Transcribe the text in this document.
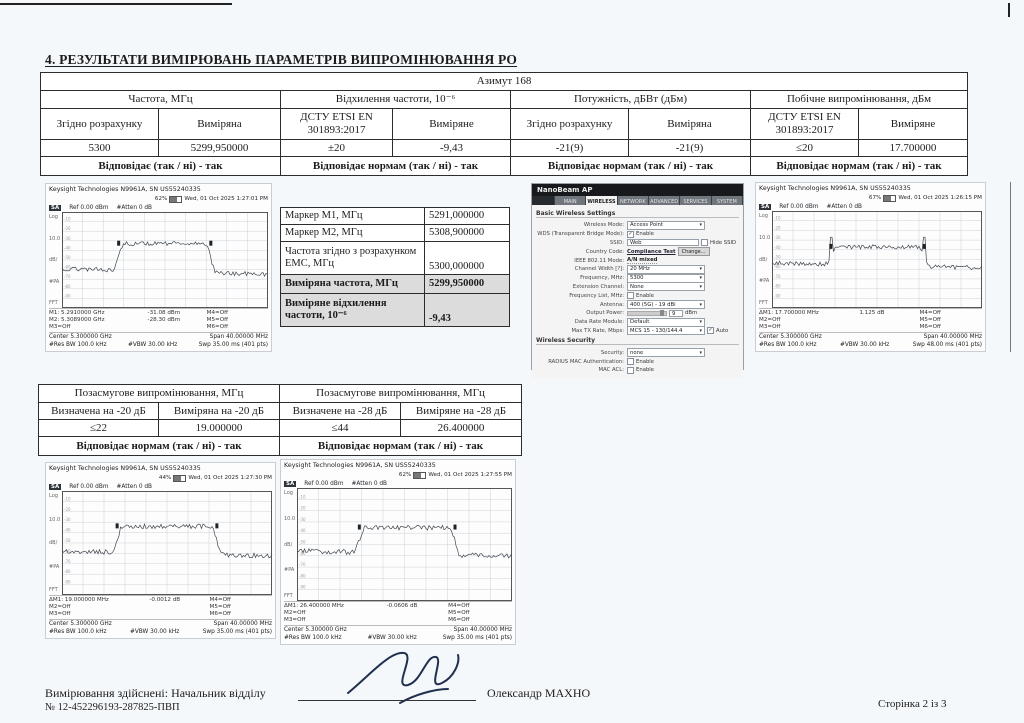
4. РЕЗУЛЬТАТИ ВИМІРЮВАНЬ ПАРАМЕТРІВ ВИПРОМІНЮВАННЯ РО
Азимут 168							
Частота, МГц		Відхилення частоти, 10⁻⁶		Потужність, дБВт (дБм)		Побічне випромінювання, дБм	
Згідно розрахунку	Виміряна	ДСТУ ETSI EN 301893:2017	Виміряне	Згідно розрахунку	Виміряна	ДСТУ ETSI EN 301893:2017	Виміряне
5300	5299,950000	±20	-9,43	-21(9)	-21(9)	≤20	17.700000
Відповідає (так / ні) - так		Відповідає нормам (так / ні) - так		Відповідає нормам (так / ні) - так		Відповідає нормам (так / ні) - так	
Keysight Technologies N9961A, SN US55240335
62%	Wed, 01 Oct 2025 1:27:01 PM
SA	Ref 0.00 dBm #Atten 0 dB
Log
10.0
dB/
#PA
FFT
-10
-20
-30
-40
-50
-60
-70
-80
-90
M1: 5.2910000 GHz	-31.08 dBm	M4=Off
M2: 5.3089000 GHz	-28.30 dBm	M5=Off
M3=Off	M6=Off
Center 5.300000 GHz	Span 40.00000 MHz
#Res BW 100.0 kHz	#VBW 30.00 kHz	Swp 35.00 ms (401 pts)
Маркер М1, МГц	5291,000000
Маркер М2, МГц	5308,900000
Частота згідно з розрахунком ЕМС, МГц	5300,000000
Виміряна частота, МГц	5299,950000
Виміряне відхилення частоти, 10⁻⁶	-9,43
NanoBeam AP
MAIN	WIRELESS NETWORK ADVANCED	SERVICES	SYSTEM
Basic Wireless Settings
Wireless Mode:	Access Point	▾
WDS (Transparent Bridge Mode): ✓ Enable
SSID:	Web	Hide SSID
Country Code: Compliance Test	Change...
IEEE 802.11 Mode: A/N mixed
Channel Width [?]:	20 MHz	▾
Frequency, MHz:	5300	▾
Extension Channel:	None	▾
Frequency List, MHz:	Enable
Antenna:	400 (5G) - 19 dBi	▾
Output Power:	9	dBm
Data Rate Module:	Default	▾
Max TX Rate, Mbps:	MCS 15 - 130/144.4	▾ ✓ Auto
Wireless Security
Security:	none	▾
RADIUS MAC Authentication:	Enable
MAC ACL:	Enable
Keysight Technologies N9961A, SN US55240335
67%	Wed, 01 Oct 2025 1:26:15 PM
SA	Ref 0.00 dBm #Atten 0 dB
Log
10.0
dB/
#PA
FFT
-10
-20
-30
-40
-50
-60
-70
-80
-90
ΔM1: 17.700000 MHz	1.125 dB	M4=Off
M2=Off	M5=Off
M3=Off	M6=Off
Center 5.300000 GHz	Span 40.00000 MHz
#Res BW 100.0 kHz	#VBW 30.00 kHz	Swp 48.00 ms (401 pts)
Позасмугове випромінювання, МГц		Позасмугове випромінювання, МГц	
Визначена на -20 дБ	Виміряна на -20 дБ	Визначене на -28 дБ	Виміряне на -28 дБ
≤22	19.000000	≤44	26.400000
Відповідає нормам (так / ні) - так		Відповідає нормам (так / ні) - так	
Keysight Technologies N9961A, SN US55240335
44%	Wed, 01 Oct 2025 1:27:30 PM
SA	Ref 0.00 dBm #Atten 0 dB
Log
10.0
dB/
#PA
FFT
-10
-20
-30
-40
-50
-60
-70
-80
-90
ΔM1: 19.000000 MHz	-0.0012 dB	M4=Off
M2=Off	M5=Off
M3=Off	M6=Off
Center 5.300000 GHz	Span 40.00000 MHz
#Res BW 100.0 kHz	#VBW 30.00 kHz	Swp 35.00 ms (401 pts)
Keysight Technologies N9961A, SN US55240335
62%	Wed, 01 Oct 2025 1:27:55 PM
SA	Ref 0.00 dBm #Atten 0 dB
Log
10.0
dB/
#PA
FFT
-10
-20
-30
-40
-50
-60
-70
-80
-90
ΔM1: 26.400000 MHz	-0.0606 dB	M4=Off
M2=Off	M5=Off
M3=Off	M6=Off
Center 5.300000 GHz	Span 40.00000 MHz
#Res BW 100.0 kHz	#VBW 30.00 kHz	Swp 35.00 ms (401 pts)
Вимірювання здійснені: Начальник відділу	Олександр МАХНО
№ 12-452296193-287825-ПВП	Сторінка 2 із 3
